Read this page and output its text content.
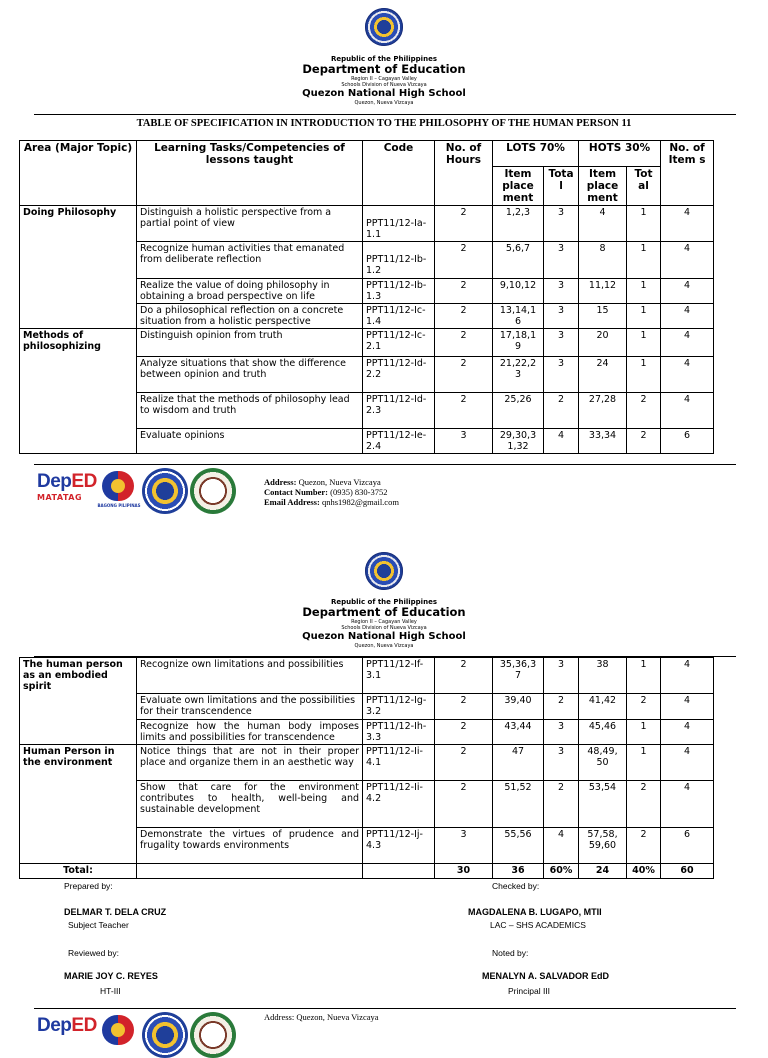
Republic of the Philippines
Department of Education
Region II – Cagayan Valley
Schools Division of Nueva Vizcaya
Quezon National High School
Quezon, Nueva Vizcaya
TABLE OF SPECIFICATION IN INTRODUCTION TO THE PHILOSOPHY OF THE HUMAN PERSON 11
Area (Major Topic)	Learning Tasks/Competencies of lessons taught	Code	No. of Hours	LOTS 70%		HOTS 30%		No. of Item s
				Item place ment	Tota l	Item place ment	Tot al	
Doing Philosophy	Distinguish a holistic perspective from a partial point of view	PPT11/12-Ia-1.1	2	1,2,3	3	4	1	4
	Recognize human activities that emanated from deliberate reflection	PPT11/12-Ib-1.2	2	5,6,7	3	8	1	4
	Realize the value of doing philosophy in obtaining a broad perspective on life	PPT11/12-Ib-1.3	2	9,10,12	3	11,12	1	4
	Do a philosophical reflection on a concrete situation from a holistic perspective	PPT11/12-Ic-1.4	2	13,14,1 6	3	15	1	4
Methods of philosophizing	Distinguish opinion from truth	PPT11/12-Ic-2.1	2	17,18,1 9	3	20	1	4
	Analyze situations that show the difference between opinion and truth	PPT11/12-Id-2.2	2	21,22,2 3	3	24	1	4
	Realize that the methods of philosophy lead to wisdom and truth	PPT11/12-Id-2.3	2	25,26	2	27,28	2	4
	Evaluate opinions	PPT11/12-Ie-2.4	3	29,30,3 1,32	4	33,34	2	6
DepED
MATATAG
BAGONG PILIPINAS
Address: Quezon, Nueva Vizcaya
Contact Number: (0935) 830-3752
Email Address: qnhs1982@gmail.com
Republic of the Philippines
Department of Education
Region II – Cagayan Valley
Schools Division of Nueva Vizcaya
Quezon National High School
Quezon, Nueva Vizcaya
The human person as an embodied spirit	Recognize own limitations and possibilities	PPT11/12-If-3.1	2	35,36,3 7	3	38	1	4
	Evaluate own limitations and the possibilities for their transcendence	PPT11/12-Ig-3.2	2	39,40	2	41,42	2	4
	Recognize how the human body imposes limits and possibilities for transcendence	PPT11/12-Ih-3.3	2	43,44	3	45,46	1	4
Human Person in the environment	Notice things that are not in their proper place and organize them in an aesthetic way	PPT11/12-Ii-4.1	2	47	3	48,49, 50	1	4
	Show that care for the environment contributes to health, well-being and sustainable development	PPT11/12-Ii-4.2	2	51,52	2	53,54	2	4
	Demonstrate the virtues of prudence and frugality towards environments	PPT11/12-Ij-4.3	3	55,56	4	57,58, 59,60	2	6
Total:			30	36	60%	24	40%	60
Prepared by:
DELMAR T. DELA CRUZ
Subject Teacher
Checked by:
MAGDALENA B. LUGAPO, MTII
LAC – SHS ACADEMICS
Reviewed by:
MARIE JOY C. REYES
HT-III
Noted by:
MENALYN A. SALVADOR EdD
Principal III
DepED	Address: Quezon, Nueva Vizcaya
